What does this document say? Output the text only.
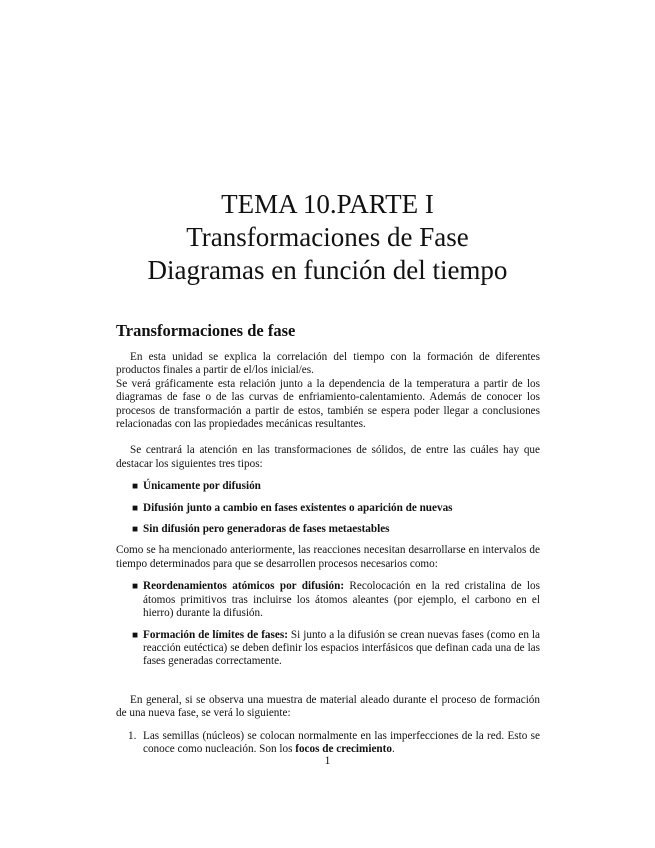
TEMA 10.PARTE I
Transformaciones de Fase
Diagramas en función del tiempo
Transformaciones de fase

En esta unidad se explica la correlación del tiempo con la formación de diferentes productos finales a partir de el/los inicial/es.

Se verá gráficamente esta relación junto a la dependencia de la temperatura a partir de los diagramas de fase o de las curvas de enfriamiento-calentamiento. Además de conocer los procesos de transformación a partir de estos, también se espera poder llegar a conclusiones relacionadas con las propiedades mecánicas resultantes.

Se centrará la atención en las transformaciones de sólidos, de entre las cuáles hay que destacar los siguientes tres tipos:

■ Únicamente por difusión
■ Difusión junto a cambio en fases existentes o aparición de nuevas
■ Sin difusión pero generadoras de fases metaestables

Como se ha mencionado anteriormente, las reacciones necesitan desarrollarse en intervalos de tiempo determinados para que se desarrollen procesos necesarios como:

■ Reordenamientos atómicos por difusión: Recolocación en la red cristalina de los átomos primitivos tras incluirse los átomos aleantes (por ejemplo, el carbono en el hierro) durante la difusión.
■ Formación de límites de fases: Si junto a la difusión se crean nuevas fases (como en la reacción eutéctica) se deben definir los espacios interfásicos que definan cada una de las fases generadas correctamente.

En general, si se observa una muestra de material aleado durante el proceso de formación de una nueva fase, se verá lo siguiente:

1. Las semillas (núcleos) se colocan normalmente en las imperfecciones de la red. Esto se conoce como nucleación. Son los focos de crecimiento.
1
